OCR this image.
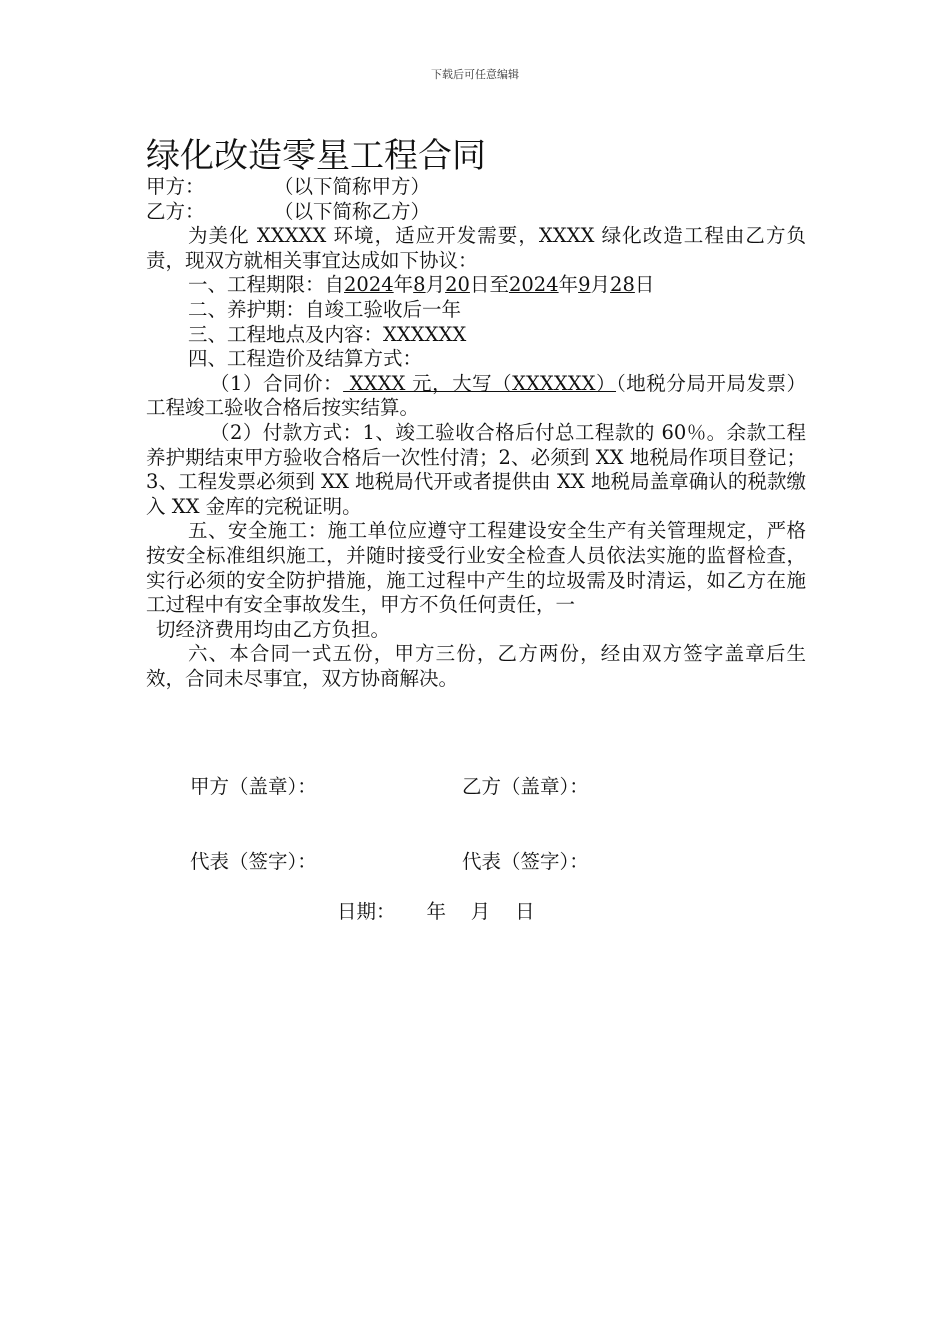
下载后可任意编辑
绿化改造零星工程合同
甲方：	（以下简称甲方）
乙方：	（以下简称乙方）
为美化 XXXXX 环境，适应开发需要，XXXX 绿化改造工程由乙方负责，现双方就相关事宜达成如下协议：
一、工程期限：自2024年8月20日至2024年9月28日
二、养护期：自竣工验收后一年
三、工程地点及内容：XXXXXX
四、工程造价及结算方式：
（1）合同价： XXXX 元，大写（XXXXXX）（地税分局开局发票）工程竣工验收合格后按实结算。
（2）付款方式：1、竣工验收合格后付总工程款的 60％。余款工程养护期结束甲方验收合格后一次性付清；2、必须到 XX 地税局作项目登记；3、工程发票必须到 XX 地税局代开或者提供由 XX 地税局盖章确认的税款缴入 XX 金库的完税证明。
五、安全施工：施工单位应遵守工程建设安全生产有关管理规定，严格按安全标准组织施工，并随时接受行业安全检查人员依法实施的监督检查，实行必须的安全防护措施，施工过程中产生的垃圾需及时清运，如乙方在施工过程中有安全事故发生，甲方不负任何责任，一
切经济费用均由乙方负担。
六、本合同一式五份，甲方三份，乙方两份，经由双方签字盖章后生效，合同未尽事宜，双方协商解决。
甲方（盖章）：	乙方（盖章）：
代表（签字）：	代表（签字）：
日期：     年    月    日
